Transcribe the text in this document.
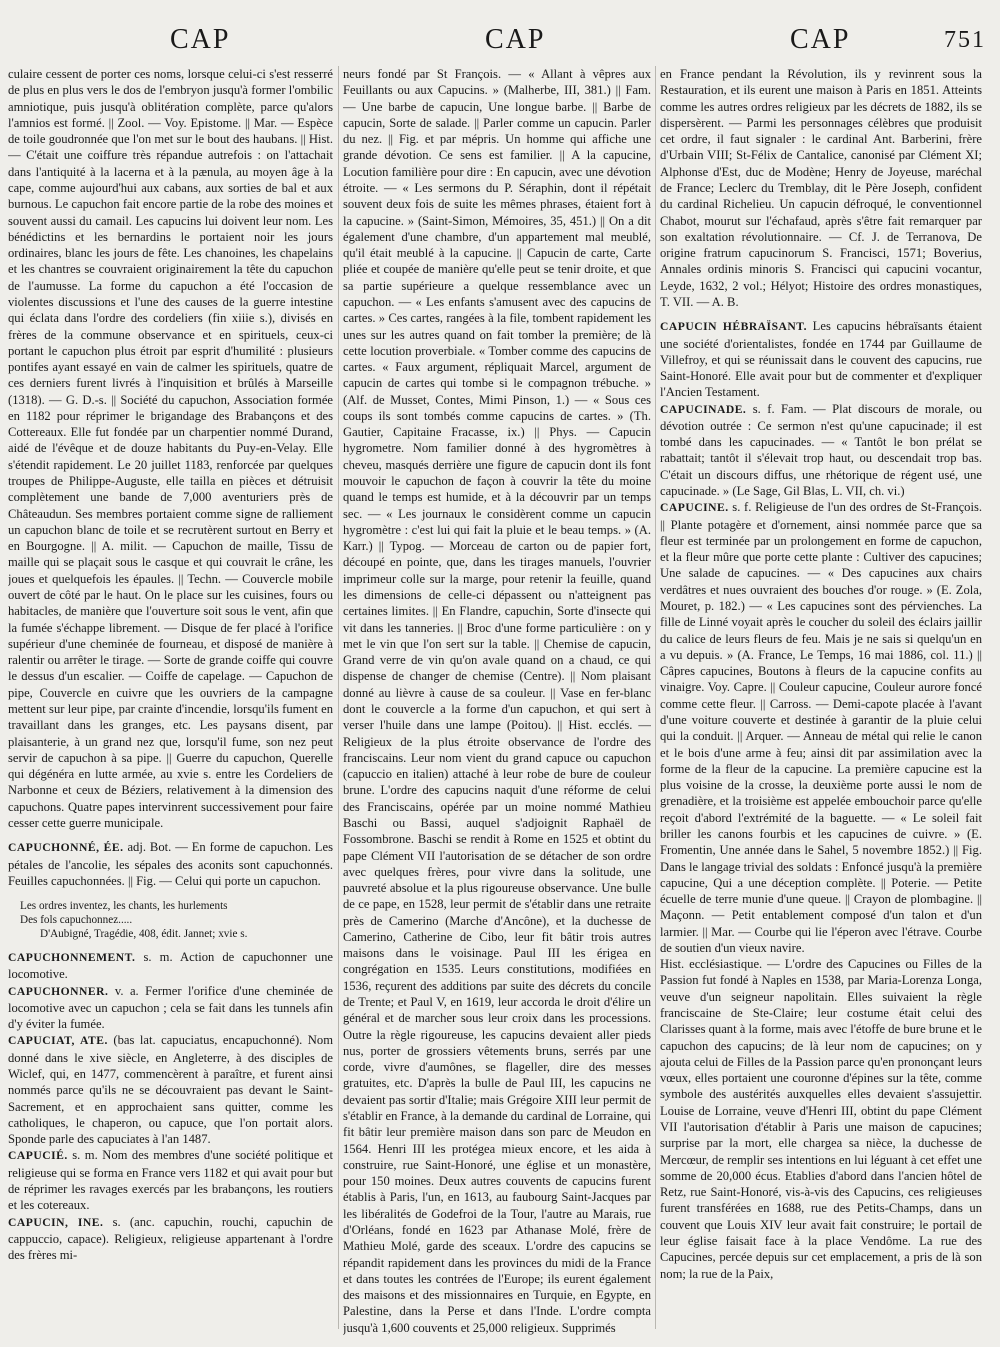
CAP	CAP	CAP	751

culaire cessent de porter ces noms, lorsque celui-ci s'est resserré de plus en plus vers le dos de l'embryon jusqu'à former l'ombilic amniotique, puis jusqu'à oblitération complète, parce qu'alors l'amnios est formé. || Zool. — Voy. Epistome. || Mar. — Espèce de toile goudronnée que l'on met sur le bout des haubans. || Hist. — C'était une coiffure très répandue autrefois : on l'attachait dans l'antiquité à la lacerna et à la pænula, au moyen âge à la cape, comme aujourd'hui aux cabans, aux sorties de bal et aux burnous. Le capuchon fait encore partie de la robe des moines et souvent aussi du camail. Les capucins lui doivent leur nom. Les bénédictins et les bernardins le portaient noir les jours ordinaires, blanc les jours de fête. Les chanoines, les chapelains et les chantres se couvraient originairement la tête du capuchon de l'aumusse. La forme du capuchon a été l'occasion de violentes discussions et l'une des causes de la guerre intestine qui éclata dans l'ordre des cordeliers (fin xiiie s.), divisés en frères de la commune observance et en spirituels, ceux-ci portant le capuchon plus étroit par esprit d'humilité : plusieurs pontifes ayant essayé en vain de calmer les spirituels, quatre de ces derniers furent livrés à l'inquisition et brûlés à Marseille (1318). — G. D.-s. || Société du capuchon, Association formée en 1182 pour réprimer le brigandage des Brabançons et des Cottereaux. Elle fut fondée par un charpentier nommé Durand, aidé de l'évêque et de douze habitants du Puy-en-Velay. Elle s'étendit rapidement. Le 20 juillet 1183, renforcée par quelques troupes de Philippe-Auguste, elle tailla en pièces et détruisit complètement une bande de 7,000 aventuriers près de Châteaudun. Ses membres portaient comme signe de ralliement un capuchon blanc de toile et se recrutèrent surtout en Berry et en Bourgogne. || A. milit. — Capuchon de maille, Tissu de maille qui se plaçait sous le casque et qui couvrait le crâne, les joues et quelquefois les épaules. || Techn. — Couvercle mobile ouvert de côté par le haut. On le place sur les cuisines, fours ou habitacles, de manière que l'ouverture soit sous le vent, afin que la fumée s'échappe librement. — Disque de fer placé à l'orifice supérieur d'une cheminée de fourneau, et disposé de manière à ralentir ou arrêter le tirage. — Sorte de grande coiffe qui couvre le dessus d'un escalier. — Coiffe de capelage. — Capuchon de pipe, Couvercle en cuivre que les ouvriers de la campagne mettent sur leur pipe, par crainte d'incendie, lorsqu'ils fument en travaillant dans les granges, etc. Les paysans disent, par plaisanterie, à un grand nez que, lorsqu'il fume, son nez peut servir de capuchon à sa pipe. || Guerre du capuchon, Querelle qui dégénéra en lutte armée, au xvie s. entre les Cordeliers de Narbonne et ceux de Béziers, relativement à la dimension des capuchons. Quatre papes intervinrent successivement pour faire cesser cette guerre municipale.

CAPUCHONNÉ, ÉE. adj. Bot. — En forme de capuchon. Les pétales de l'ancolie, les sépales des aconits sont capuchonnés. Feuilles capuchonnées. || Fig. — Celui qui porte un capuchon.

Les ordres inventez, les chants, les hurlements
Des fols capuchonnez.....
D'Aubigné, Tragédie, 408, édit. Jannet; xvie s.

CAPUCHONNEMENT. s. m. Action de capuchonner une locomotive.

CAPUCHONNER. v. a. Fermer l'orifice d'une cheminée de locomotive avec un capuchon ; cela se fait dans les tunnels afin d'y éviter la fumée.

CAPUCIAT, ATE. (bas lat. capuciatus, encapuchonné). Nom donné dans le xive siècle, en Angleterre, à des disciples de Wiclef, qui, en 1477, commencèrent à paraître, et furent ainsi nommés parce qu'ils ne se découvraient pas devant le Saint-Sacrement, et en approchaient sans quitter, comme les catholiques, le chaperon, ou capuce, que l'on portait alors. Sponde parle des capuciates à l'an 1487.

CAPUCIÉ. s. m. Nom des membres d'une société politique et religieuse qui se forma en France vers 1182 et qui avait pour but de réprimer les ravages exercés par les brabançons, les routiers et les cotereaux.

CAPUCIN, INE. s. (anc. capuchin, rouchi, capuchin de cappuccio, capace). Religieux, religieuse appartenant à l'ordre des frères mi-

neurs fondé par St François. — « Allant à vêpres aux Feuillants ou aux Capucins. » (Malherbe, III, 381.) || Fam. — Une barbe de capucin, Une longue barbe. || Barbe de capucin, Sorte de salade. || Parler comme un capucin. Parler du nez. || Fig. et par mépris. Un homme qui affiche une grande dévotion. Ce sens est familier. || A la capucine, Locution familière pour dire : En capucin, avec une dévotion étroite. — « Les sermons du P. Séraphin, dont il répétait souvent deux fois de suite les mêmes phrases, étaient fort à la capucine. » (Saint-Simon, Mémoires, 35, 451.) || On a dit également d'une chambre, d'un appartement mal meublé, qu'il était meublé à la capucine. || Capucin de carte, Carte pliée et coupée de manière qu'elle peut se tenir droite, et que sa partie supérieure a quelque ressemblance avec un capuchon. — « Les enfants s'amusent avec des capucins de cartes. » Ces cartes, rangées à la file, tombent rapidement les unes sur les autres quand on fait tomber la première; de là cette locution proverbiale. « Tomber comme des capucins de cartes. « Faux argument, répliquait Marcel, argument de capucin de cartes qui tombe si le compagnon trébuche. » (Alf. de Musset, Contes, Mimi Pinson, 1.) — « Sous ces coups ils sont tombés comme capucins de cartes. » (Th. Gautier, Capitaine Fracasse, ix.) || Phys. — Capucin hygrometre. Nom familier donné à des hygromètres à cheveu, masqués derrière une figure de capucin dont ils font mouvoir le capuchon de façon à couvrir la tête du moine quand le temps est humide, et à la découvrir par un temps sec. — « Les journaux le considèrent comme un capucin hygromètre : c'est lui qui fait la pluie et le beau temps. » (A. Karr.) || Typog. — Morceau de carton ou de papier fort, découpé en pointe, que, dans les tirages manuels, l'ouvrier imprimeur colle sur la marge, pour retenir la feuille, quand les dimensions de celle-ci dépassent ou n'atteignent pas certaines limites. || En Flandre, capuchin, Sorte d'insecte qui vit dans les tanneries. || Broc d'une forme particulière : on y met le vin que l'on sert sur la table. || Chemise de capucin, Grand verre de vin qu'on avale quand on a chaud, ce qui dispense de changer de chemise (Centre). || Nom plaisant donné au lièvre à cause de sa couleur. || Vase en fer-blanc dont le couvercle a la forme d'un capuchon, et qui sert à verser l'huile dans une lampe (Poitou). || Hist. ecclés. — Religieux de la plus étroite observance de l'ordre des franciscains. Leur nom vient du grand capuce ou capuchon (capuccio en italien) attaché à leur robe de bure de couleur brune. L'ordre des capucins naquit d'une réforme de celui des Franciscains, opérée par un moine nommé Mathieu Baschi ou Bassi, auquel s'adjoignit Raphaël de Fossombrone. Baschi se rendit à Rome en 1525 et obtint du pape Clément VII l'autorisation de se détacher de son ordre avec quelques frères, pour vivre dans la solitude, une pauvreté absolue et la plus rigoureuse observance. Une bulle de ce pape, en 1528, leur permit de s'établir dans une retraite près de Camerino (Marche d'Ancône), et la duchesse de Camerino, Catherine de Cibo, leur fit bâtir trois autres maisons dans le voisinage. Paul III les érigea en congrégation en 1535. Leurs constitutions, modifiées en 1536, reçurent des additions par suite des décrets du concile de Trente; et Paul V, en 1619, leur accorda le droit d'élire un général et de marcher sous leur croix dans les processions. Outre la règle rigoureuse, les capucins devaient aller pieds nus, porter de grossiers vêtements bruns, serrés par une corde, vivre d'aumônes, se flageller, dire des messes gratuites, etc. D'après la bulle de Paul III, les capucins ne devaient pas sortir d'Italie; mais Grégoire XIII leur permit de s'établir en France, à la demande du cardinal de Lorraine, qui fit bâtir leur première maison dans son parc de Meudon en 1564. Henri III les protégea mieux encore, et les aida à construire, rue Saint-Honoré, une église et un monastère, pour 150 moines. Deux autres couvents de capucins furent établis à Paris, l'un, en 1613, au faubourg Saint-Jacques par les libéralités de Godefroi de la Tour, l'autre au Marais, rue d'Orléans, fondé en 1623 par Athanase Molé, frère de Mathieu Molé, garde des sceaux. L'ordre des capucins se répandit rapidement dans les provinces du midi de la France et dans toutes les contrées de l'Europe; ils eurent également des maisons et des missionnaires en Turquie, en Egypte, en Palestine, dans la Perse et dans l'Inde. L'ordre compta jusqu'à 1,600 couvents et 25,000 religieux. Supprimés

en France pendant la Révolution, ils y revinrent sous la Restauration, et ils eurent une maison à Paris en 1851. Atteints comme les autres ordres religieux par les décrets de 1882, ils se dispersèrent. — Parmi les personnages célèbres que produisit cet ordre, il faut signaler : le cardinal Ant. Barberini, frère d'Urbain VIII; St-Félix de Cantalice, canonisé par Clément XI; Alphonse d'Est, duc de Modène; Henry de Joyeuse, maréchal de France; Leclerc du Tremblay, dit le Père Joseph, confident du cardinal Richelieu. Un capucin défroqué, le conventionnel Chabot, mourut sur l'échafaud, après s'être fait remarquer par son exaltation révolutionnaire. — Cf. J. de Terranova, De origine fratrum capucinorum S. Francisci, 1571; Boverius, Annales ordinis minoris S. Francisci qui capucini vocantur, Leyde, 1632, 2 vol.; Hélyot; Histoire des ordres monastiques, T. VII. — A. B.

CAPUCIN HÉBRAÏSANT. Les capucins hébraïsants étaient une société d'orientalistes, fondée en 1744 par Guillaume de Villefroy, et qui se réunissait dans le couvent des capucins, rue Saint-Honoré. Elle avait pour but de commenter et d'expliquer l'Ancien Testament.

CAPUCINADE. s. f. Fam. — Plat discours de morale, ou dévotion outrée : Ce sermon n'est qu'une capucinade; il est tombé dans les capucinades. — « Tantôt le bon prélat se rabattait; tantôt il s'élevait trop haut, ou descendait trop bas. C'était un discours diffus, une rhétorique de régent usé, une capucinade. » (Le Sage, Gil Blas, L. VII, ch. vi.)

CAPUCINE. s. f. Religieuse de l'un des ordres de St-François. || Plante potagère et d'ornement, ainsi nommée parce que sa fleur est terminée par un prolongement en forme de capuchon, et la fleur mûre que porte cette plante : Cultiver des capucines; Une salade de capucines. — « Des capucines aux chairs verdâtres et nues ouvraient des bouches d'or rouge. » (E. Zola, Mouret, p. 182.) — « Les capucines sont des pérvienches. La fille de Linné voyait après le coucher du soleil des éclairs jaillir du calice de leurs fleurs de feu. Mais je ne sais si quelqu'un en a vu depuis. » (A. France, Le Temps, 16 mai 1886, col. 11.) || Câpres capucines, Boutons à fleurs de la capucine confits au vinaigre. Voy. Capre. || Couleur capucine, Couleur aurore foncé comme cette fleur. || Carross. — Demi-capote placée à l'avant d'une voiture couverte et destinée à garantir de la pluie celui qui la conduit. || Arquer. — Anneau de métal qui relie le canon et le bois d'une arme à feu; ainsi dit par assimilation avec la forme de la fleur de la capucine. La première capucine est la plus voisine de la crosse, la deuxième porte aussi le nom de grenadière, et la troisième est appelée embouchoir parce qu'elle reçoit d'abord l'extrémité de la baguette. — « Le soleil fait briller les canons fourbis et les capucines de cuivre. » (E. Fromentin, Une année dans le Sahel, 5 novembre 1852.) || Fig. Dans le langage trivial des soldats : Enfoncé jusqu'à la première capucine, Qui a une déception complète. || Poterie. — Petite écuelle de terre munie d'une queue. || Crayon de plombagine. || Maçonn. — Petit entablement composé d'un talon et d'un larmier. || Mar. — Courbe qui lie l'éperon avec l'étrave. Courbe de soutien d'un vieux navire.

Hist. ecclésiastique. — L'ordre des Capucines ou Filles de la Passion fut fondé à Naples en 1538, par Maria-Lorenza Longa, veuve d'un seigneur napolitain. Elles suivaient la règle franciscaine de Ste-Claire; leur costume était celui des Clarisses quant à la forme, mais avec l'étoffe de bure brune et le capuchon des capucins; de là leur nom de capucines; on y ajouta celui de Filles de la Passion parce qu'en prononçant leurs vœux, elles portaient une couronne d'épines sur la tête, comme symbole des austérités auxquelles elles devaient s'assujettir. Louise de Lorraine, veuve d'Henri III, obtint du pape Clément VII l'autorisation d'établir à Paris une maison de capucines; surprise par la mort, elle chargea sa nièce, la duchesse de Mercœur, de remplir ses intentions en lui léguant à cet effet une somme de 20,000 écus. Etablies d'abord dans l'ancien hôtel de Retz, rue Saint-Honoré, vis-à-vis des Capucins, ces religieuses furent transférées en 1688, rue des Petits-Champs, dans un couvent que Louis XIV leur avait fait construire; le portail de leur église faisait face à la place Vendôme. La rue des Capucines, percée depuis sur cet emplacement, a pris de là son nom; la rue de la Paix,
